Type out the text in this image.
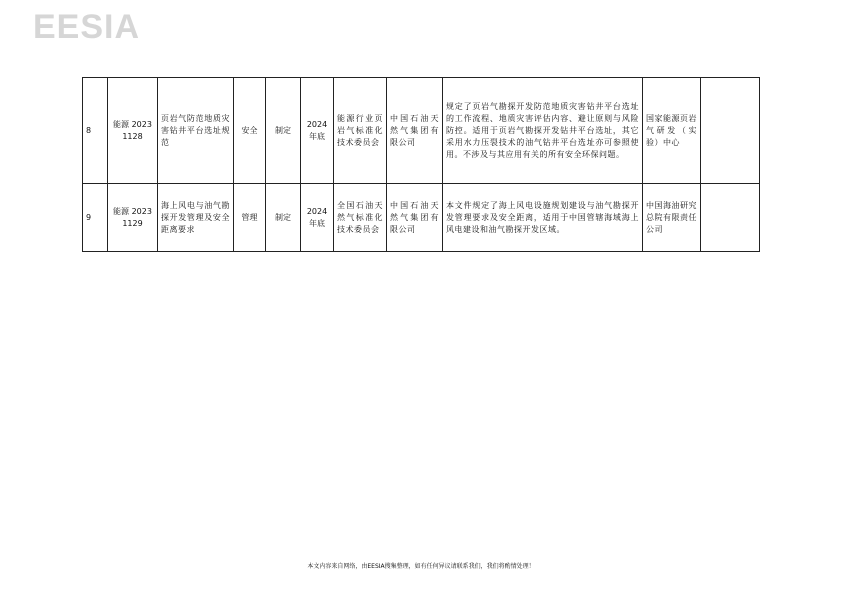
EESIA
8	能源 20231128	页岩气防范地质灾害钻井平台选址规范	安全	制定	2024 年底	能源行业页岩气标准化技术委员会	中国石油天然气集团有限公司	规定了页岩气勘探开发防范地质灾害钻井平台选址的工作流程、地质灾害评估内容、避让原则与风险防控。适用于页岩气勘探开发钻井平台选址，其它采用水力压裂技术的油气钻井平台选址亦可参照使用。不涉及与其应用有关的所有安全环保问题。	国家能源页岩气研发（实验）中心	
9	能源 20231129	海上风电与油气勘探开发管理及安全距离要求	管理	制定	2024 年底	全国石油天然气标准化技术委员会	中国石油天然气集团有限公司	本文件规定了海上风电设施规划建设与油气勘探开发管理要求及安全距离，适用于中国管辖海域海上风电建设和油气勘探开发区域。	中国海油研究总院有限责任公司	
本文内容来自网络，由EESIA搜集整理，如有任何异议请联系我们，我们将酌情处理！
